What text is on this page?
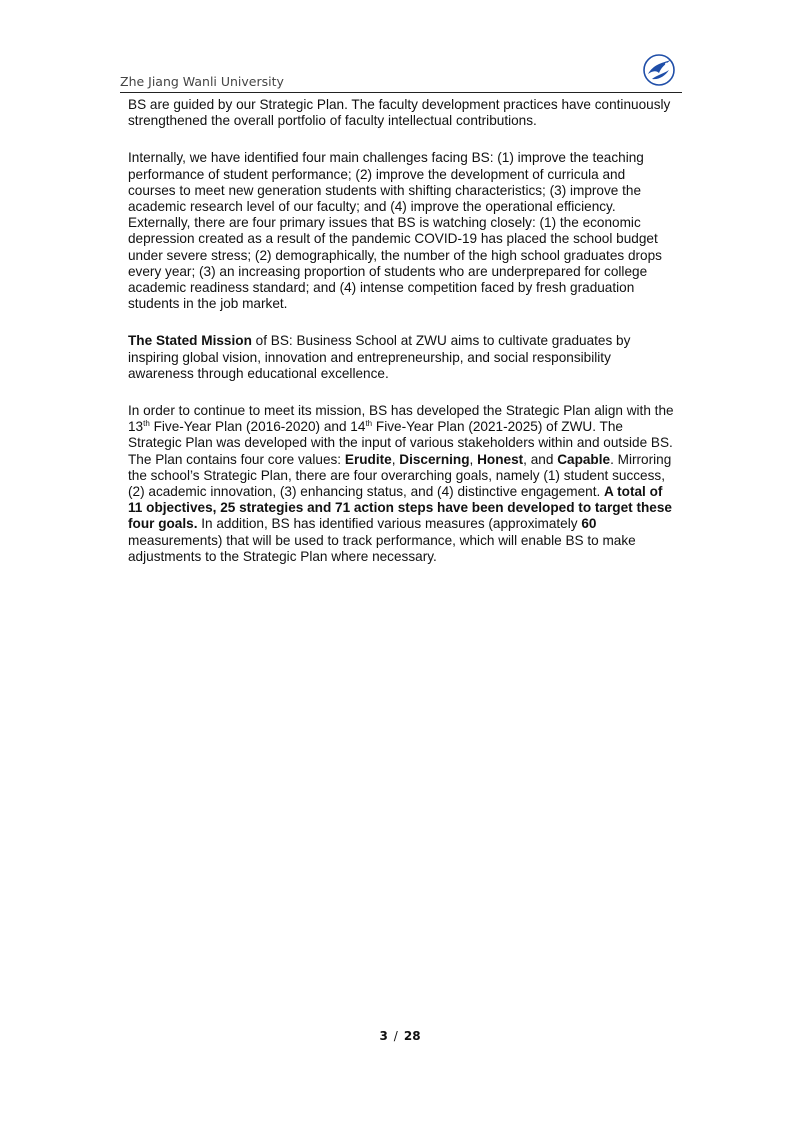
Zhe Jiang Wanli University

BS are guided by our Strategic Plan. The faculty development practices have continuously strengthened the overall portfolio of faculty intellectual contributions.

Internally, we have identified four main challenges facing BS: (1) improve the teaching performance of student performance; (2) improve the development of curricula and courses to meet new generation students with shifting characteristics; (3) improve the academic research level of our faculty; and (4) improve the operational efficiency. Externally, there are four primary issues that BS is watching closely: (1) the economic depression created as a result of the pandemic COVID-19 has placed the school budget under severe stress; (2) demographically, the number of the high school graduates drops every year; (3) an increasing proportion of students who are underprepared for college academic readiness standard; and (4) intense competition faced by fresh graduation students in the job market.

The Stated Mission of BS: Business School at ZWU aims to cultivate graduates by inspiring global vision, innovation and entrepreneurship, and social responsibility awareness through educational excellence.

In order to continue to meet its mission, BS has developed the Strategic Plan align with the 13th Five-Year Plan (2016-2020) and 14th Five-Year Plan (2021-2025) of ZWU. The Strategic Plan was developed with the input of various stakeholders within and outside BS. The Plan contains four core values: Erudite, Discerning, Honest, and Capable. Mirroring the school’s Strategic Plan, there are four overarching goals, namely (1) student success, (2) academic innovation, (3) enhancing status, and (4) distinctive engagement. A total of 11 objectives, 25 strategies and 71 action steps have been developed to target these four goals. In addition, BS has identified various measures (approximately 60 measurements) that will be used to track performance, which will enable BS to make adjustments to the Strategic Plan where necessary.

3 / 28
